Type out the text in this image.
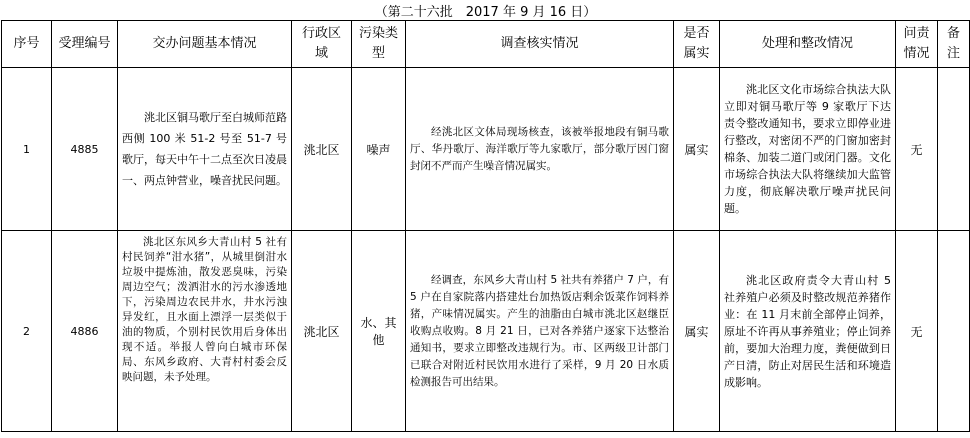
（第二十六批　2017 年 9 月 16 日）									
序号	受理编号	交办问题基本情况	行政区域	污染类型	调查核实情况	是否属实	处理和整改情况	问责情况	备注
1	4885	洮北区铜马歌厅至白城师范路西侧 100 米 51-2 号至 51-7 号歌厅，每天中午十二点至次日凌晨一、两点钟营业，噪音扰民问题。	洮北区	噪声	经洮北区文体局现场核查，该被举报地段有铜马歌厅、华丹歌厅、海洋歌厅等九家歌厅，部分歌厅因门窗封闭不严而产生噪音情况属实。	属实	洮北区文化市场综合执法大队立即对铜马歌厅等 9 家歌厅下达责令整改通知书，要求立即停业进行整改，对密闭不严的门窗加密封棉条、加装二道门或闭门器。文化市场综合执法大队将继续加大监管力度，彻底解决歌厅噪声扰民问题。	无	
2	4886	洮北区东风乡大青山村 5 社有村民饲养“泔水猪”，从城里倒泔水垃圾中提炼油，散发恶臭味，污染周边空气；泼洒泔水的污水渗透地下，污染周边农民井水，井水污浊异发红，且水面上漂浮一层类似于油的物质，个别村民饮用后身体出现不适。举报人曾向白城市环保局、东风乡政府、大青村村委会反映问题，未予处理。	洮北区	水、其他	经调查，东风乡大青山村 5 社共有养猪户 7 户，有 5 户在自家院落内搭建灶台加热饭店剩余饭菜作饲料养猪，产味情况属实。产生的油脂由白城市洮北区赵继臣收购点收购。8 月 21 日，已对各养猪户逐家下达整治通知书，要求立即整改违规行为。市、区两级卫计部门已联合对附近村民饮用水进行了采样，9 月 20 日水质检测报告可出结果。	属实	洮北区政府责令大青山村 5 社养殖户必须及时整改规范养猪作业：在 11 月末前全部停止饲养，原址不许再从事养殖业；停止饲养前，要加大治理力度，粪便做到日产日清，防止对居民生活和环境造成影响。	无	
